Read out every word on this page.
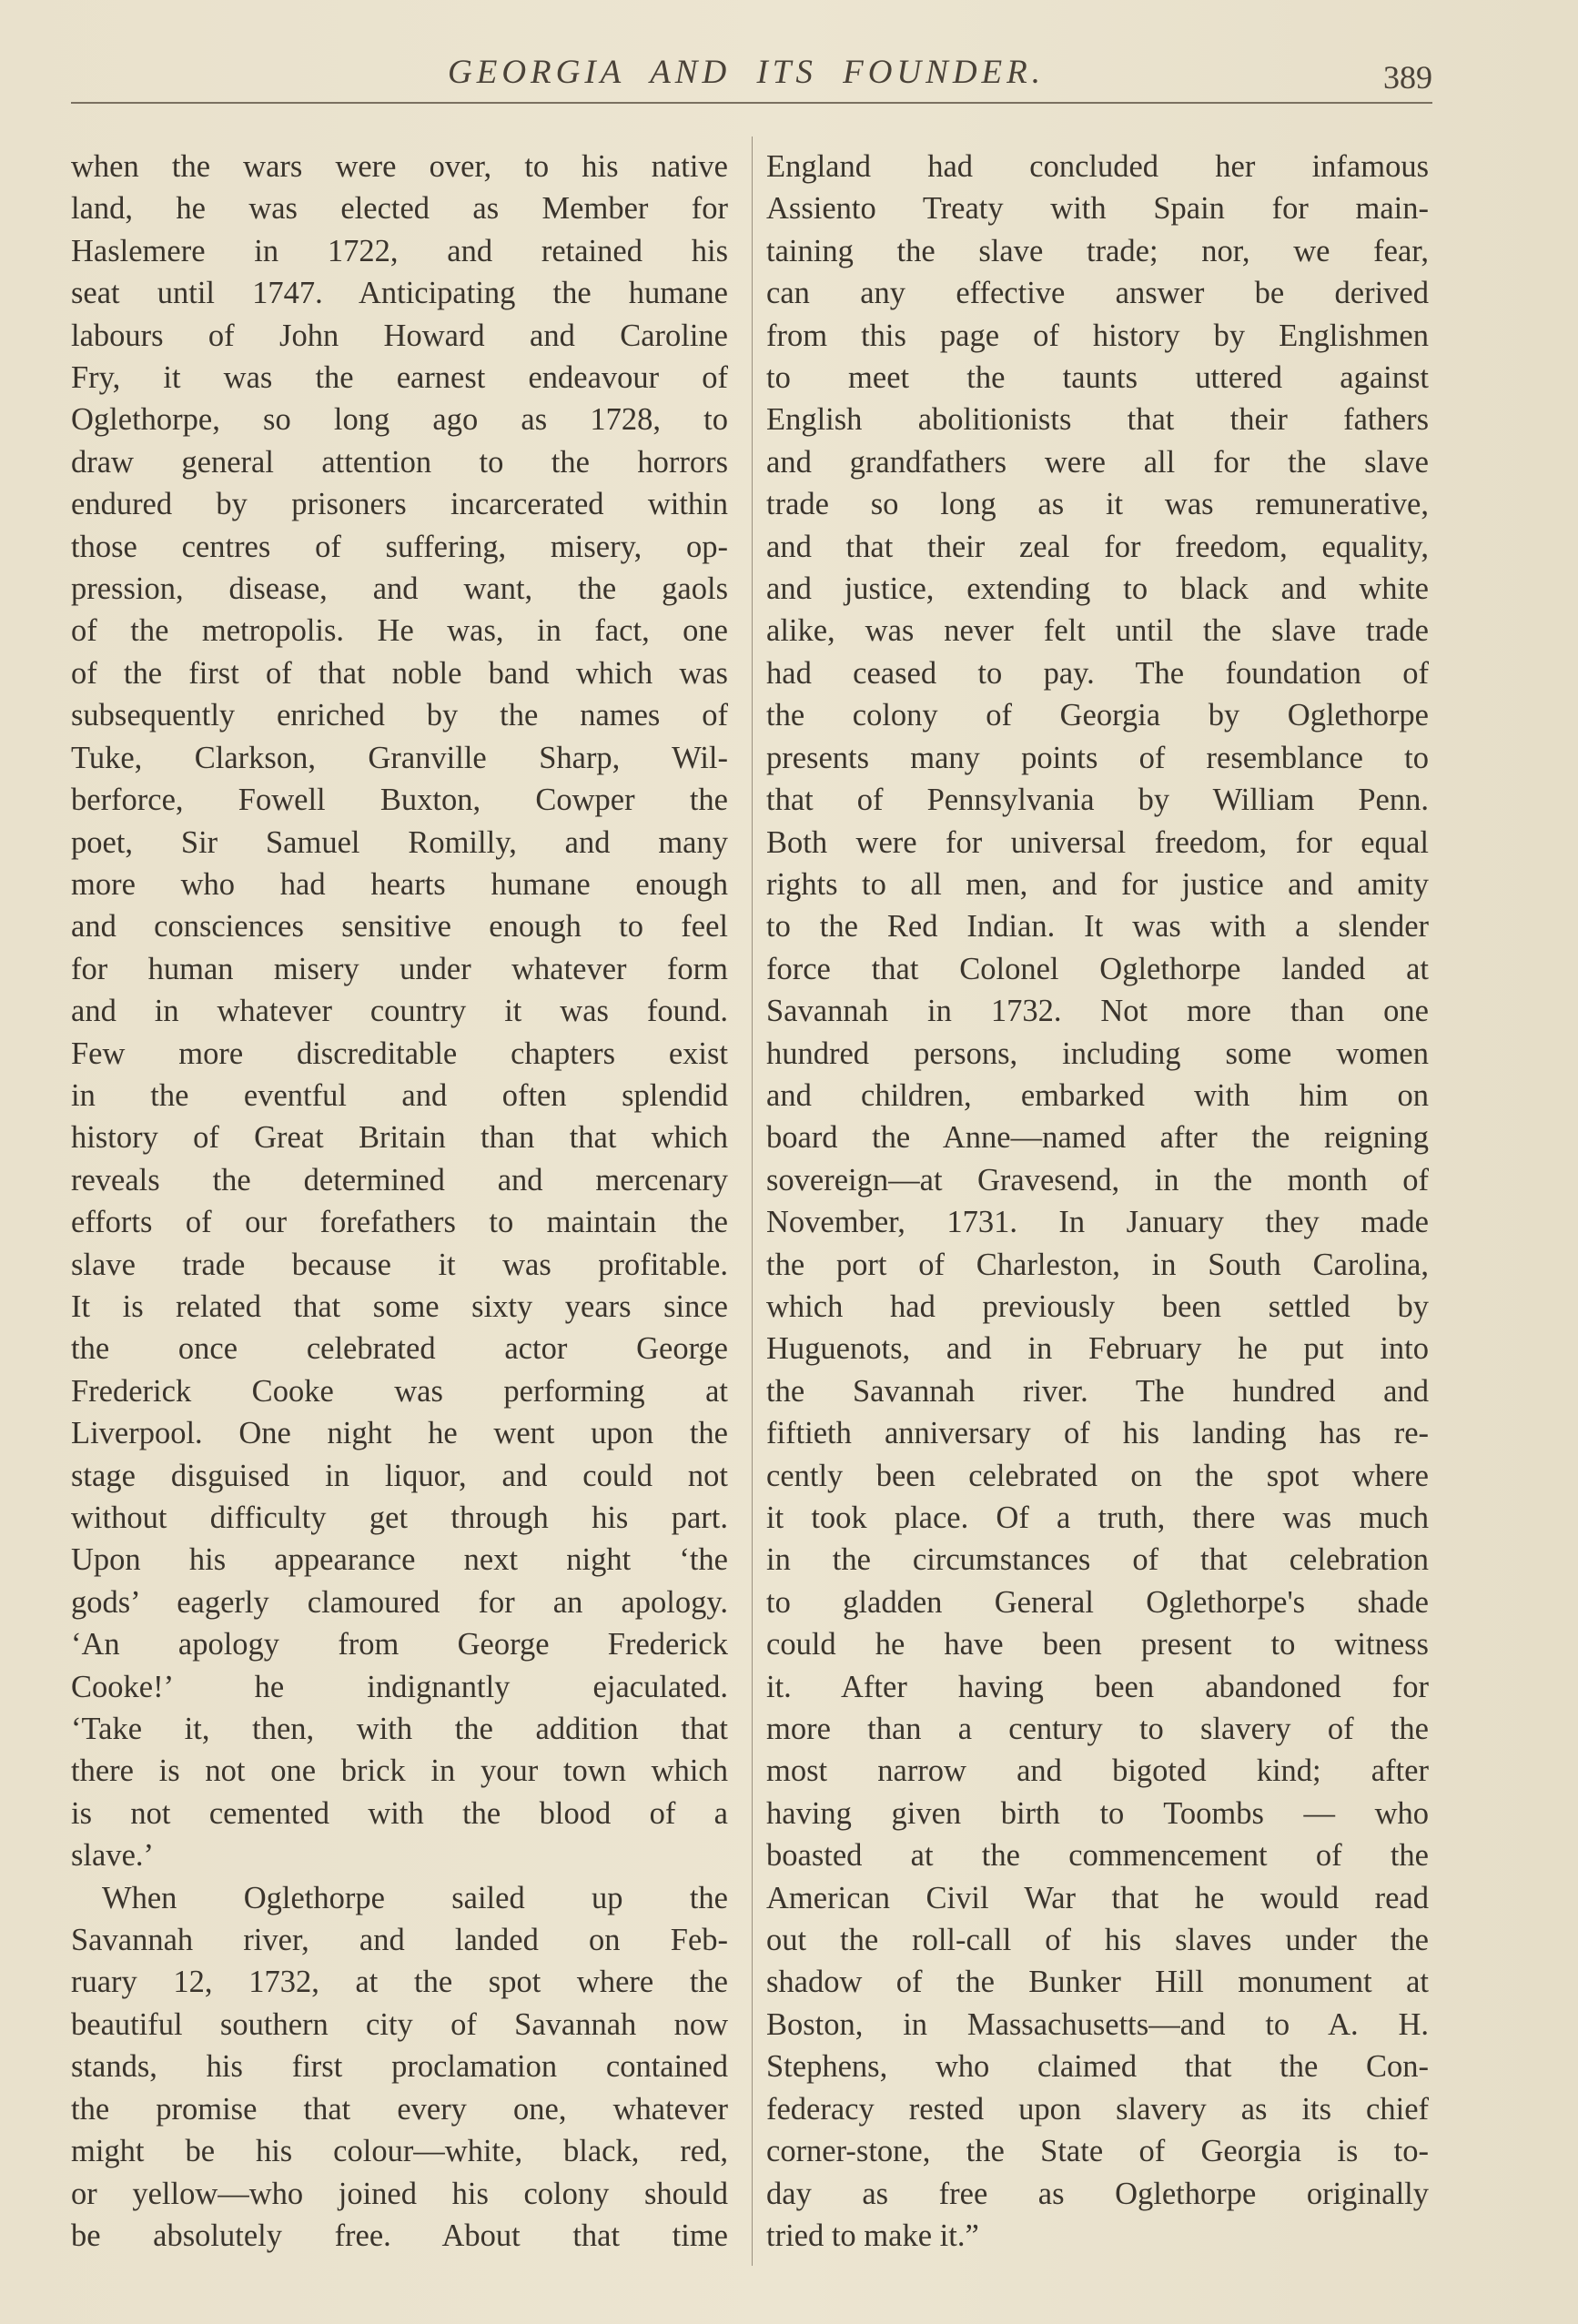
GEORGIA AND ITS FOUNDER.	389
when the wars were over, to his native
land, he was elected as Member for
Haslemere in 1722, and retained his
seat until 1747. Anticipating the humane
labours of John Howard and Caroline
Fry, it was the earnest endeavour of
Oglethorpe, so long ago as 1728, to
draw general attention to the horrors
endured by prisoners incarcerated within
those centres of suffering, misery, op-
pression, disease, and want, the gaols
of the metropolis. He was, in fact, one
of the first of that noble band which was
subsequently enriched by the names of
Tuke, Clarkson, Granville Sharp, Wil-
berforce, Fowell Buxton, Cowper the
poet, Sir Samuel Romilly, and many
more who had hearts humane enough
and consciences sensitive enough to feel
for human misery under whatever form
and in whatever country it was found.
Few more discreditable chapters exist
in the eventful and often splendid
history of Great Britain than that which
reveals the determined and mercenary
efforts of our forefathers to maintain the
slave trade because it was profitable.
It is related that some sixty years since
the once celebrated actor George
Frederick Cooke was performing at
Liverpool. One night he went upon the
stage disguised in liquor, and could not
without difficulty get through his part.
Upon his appearance next night ‘the
gods’ eagerly clamoured for an apology.
‘An apology from George Frederick
Cooke!’ he indignantly ejaculated.
‘Take it, then, with the addition that
there is not one brick in your town which
is not cemented with the blood of a
slave.’
When Oglethorpe sailed up the
Savannah river, and landed on Feb-
ruary 12, 1732, at the spot where the
beautiful southern city of Savannah now
stands, his first proclamation contained
the promise that every one, whatever
might be his colour—white, black, red,
or yellow—who joined his colony should
be absolutely free. About that time
England had concluded her infamous
Assiento Treaty with Spain for main-
taining the slave trade; nor, we fear,
can any effective answer be derived
from this page of history by Englishmen
to meet the taunts uttered against
English abolitionists that their fathers
and grandfathers were all for the slave
trade so long as it was remunerative,
and that their zeal for freedom, equality,
and justice, extending to black and white
alike, was never felt until the slave trade
had ceased to pay. The foundation of
the colony of Georgia by Oglethorpe
presents many points of resemblance to
that of Pennsylvania by William Penn.
Both were for universal freedom, for equal
rights to all men, and for justice and amity
to the Red Indian. It was with a slender
force that Colonel Oglethorpe landed at
Savannah in 1732. Not more than one
hundred persons, including some women
and children, embarked with him on
board the Anne—named after the reigning
sovereign—at Gravesend, in the month of
November, 1731. In January they made
the port of Charleston, in South Carolina,
which had previously been settled by
Huguenots, and in February he put into
the Savannah river. The hundred and
fiftieth anniversary of his landing has re-
cently been celebrated on the spot where
it took place. Of a truth, there was much
in the circumstances of that celebration
to gladden General Oglethorpe's shade
could he have been present to witness
it. After having been abandoned for
more than a century to slavery of the
most narrow and bigoted kind; after
having given birth to Toombs — who
boasted at the commencement of the
American Civil War that he would read
out the roll-call of his slaves under the
shadow of the Bunker Hill monument at
Boston, in Massachusetts—and to A. H.
Stephens, who claimed that the Con-
federacy rested upon slavery as its chief
corner-stone, the State of Georgia is to-
day as free as Oglethorpe originally
tried to make it.”
